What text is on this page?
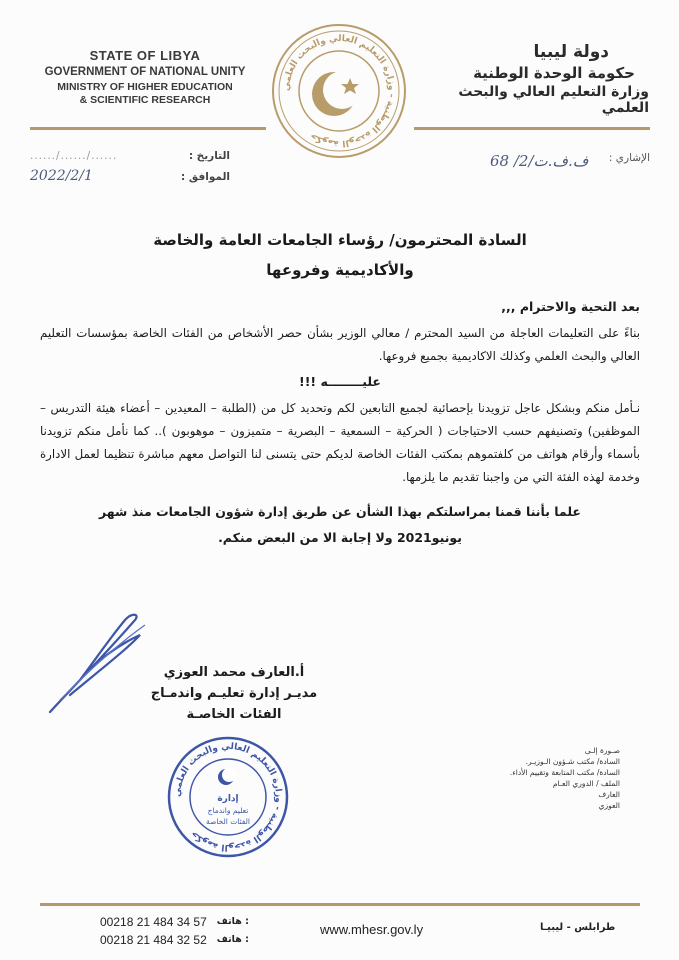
STATE OF LIBYA
GOVERNMENT OF NATIONAL UNITY
MINISTRY OF HIGHER EDUCATION
& SCIENTIFIC RESEARCH
حكومة الوحدة الوطنية - وزارة التعليم العالي والبحث العلمي
دولة ليبيا
حكومة الوحدة الوطنية
وزارة التعليم العالي والبحث العلمي
التاريخ :
....../....../......
الموافق :
2022/2/1
الإشاري :
68 /2/ف.ف.ت
السادة المحترمون/ رؤساء الجامعات العامة والخاصة
والأكاديمية وفروعها
بعد التحية والاحترام ,,,
بناءً على التعليمات العاجلة من السيد المحترم / معالي الوزير بشأن حصر الأشخاص من الفئات الخاصة بمؤسسات التعليم العالي والبحث العلمي وكذلك الاكاديمية بجميع فروعها.
عليــــــــه !!!
نـأمل منكم وبشكل عاجل تزويدنا بإحصائية لجميع التابعين لكم وتحديد كل من (الطلبة – المعيدين – أعضاء هيئة التدريس – الموظفين) وتصنيفهم حسب الاحتياجات ( الحركية – السمعية – البصرية – متميزون – موهوبون ).. كما نأمل منكم تزويدنا بأسماء وأرقام هواتف من كلفتموهم بمكتب الفئات الخاصة لديكم حتى يتسنى لنا التواصل معهم مباشرة تنظيما لعمل الادارة وخدمة لهذه الفئة التي من واجبنا تقديم ما يلزمها.
علما بأننا قمنا بمراسلتكم بهذا الشأن عن طريق إدارة شؤون الجامعات منذ شهر
يونيو2021 ولا إجابة الا من البعض منكم.
أ.العارف محمد العوزي
مديـر إدارة تعليـم واندمـاج
الفئات الخاصـة
حكومة الوحدة الوطنية - وزارة التعليم العالي والبحث العلمي
إدارة
تعليم واندماج
الفئات الخاصة
صـورة إلـى
السادة/ مكتب شـؤون الـوزيـر.
السادة/ مكتب المتابعة وتقييم الأداء.
الملف / الدوري العـام
العارف
العوزي
00218 21 484 34 57 هاتف :
00218 21 484 32 52 هاتف :
www.mhesr.gov.ly	طرابلس - ليبيـا
